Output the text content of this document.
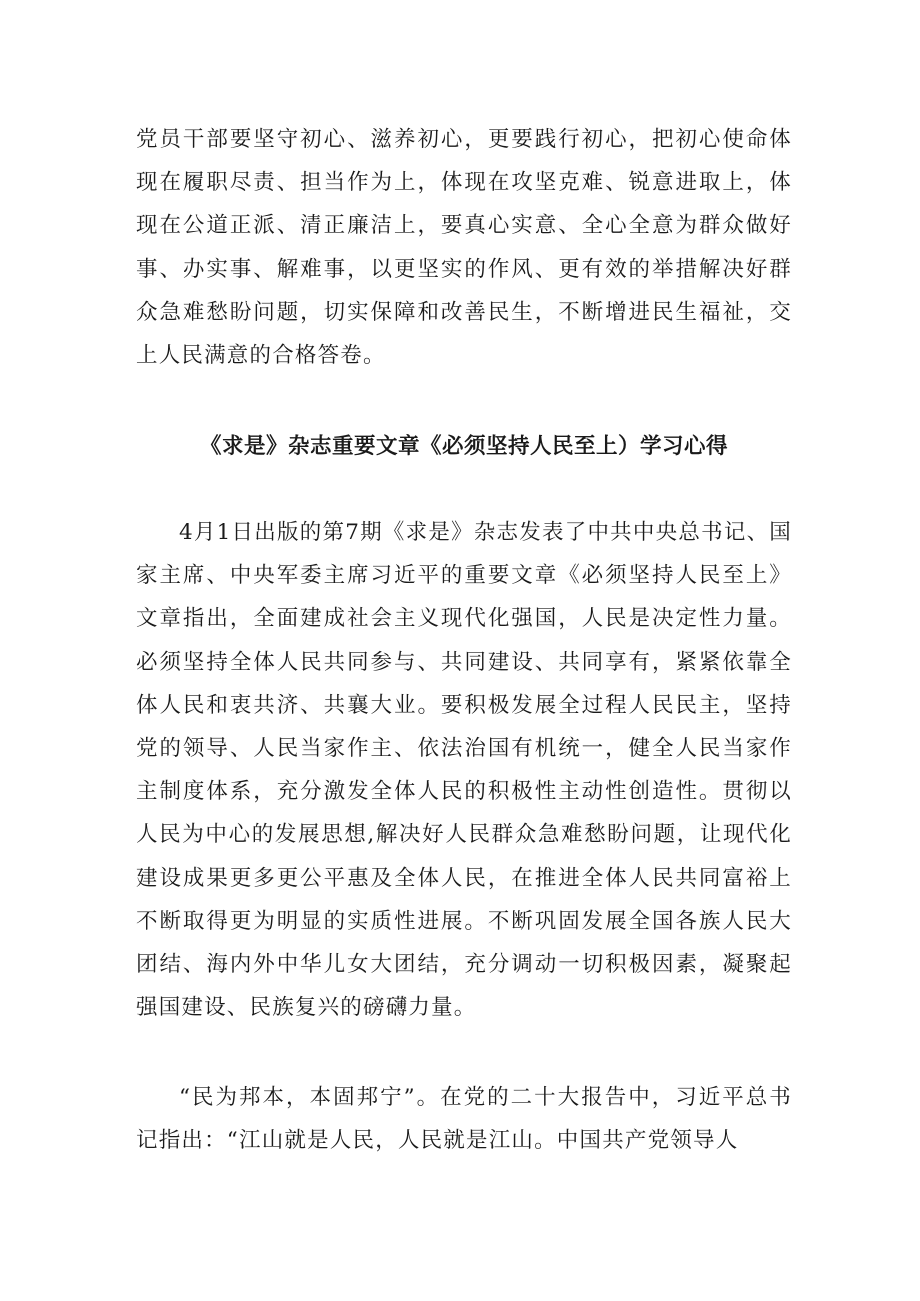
党员干部要坚守初心、滋养初心，更要践行初心，把初心使命体现在履职尽责、担当作为上，体现在攻坚克难、锐意进取上，体现在公道正派、清正廉洁上，要真心实意、全心全意为群众做好事、办实事、解难事，以更坚实的作风、更有效的举措解决好群众急难愁盼问题，切实保障和改善民生，不断增进民生福祉，交上人民满意的合格答卷。

《求是》杂志重要文章《必须坚持人民至上）学习心得

4月1日出版的第7期《求是》杂志发表了中共中央总书记、国家主席、中央军委主席习近平的重要文章《必须坚持人民至上》文章指出，全面建成社会主义现代化强国，人民是决定性力量。必须坚持全体人民共同参与、共同建设、共同享有，紧紧依靠全体人民和衷共济、共襄大业。要积极发展全过程人民民主，坚持党的领导、人民当家作主、依法治国有机统一，健全人民当家作主制度体系，充分激发全体人民的积极性主动性创造性。贯彻以人民为中心的发展思想,解决好人民群众急难愁盼问题，让现代化建设成果更多更公平惠及全体人民，在推进全体人民共同富裕上不断取得更为明显的实质性进展。不断巩固发展全国各族人民大团结、海内外中华儿女大团结，充分调动一切积极因素，凝聚起强国建设、民族复兴的磅礴力量。

“民为邦本，本固邦宁”。在党的二十大报告中，习近平总书记指出：“江山就是人民，人民就是江山。中国共产党领导人
